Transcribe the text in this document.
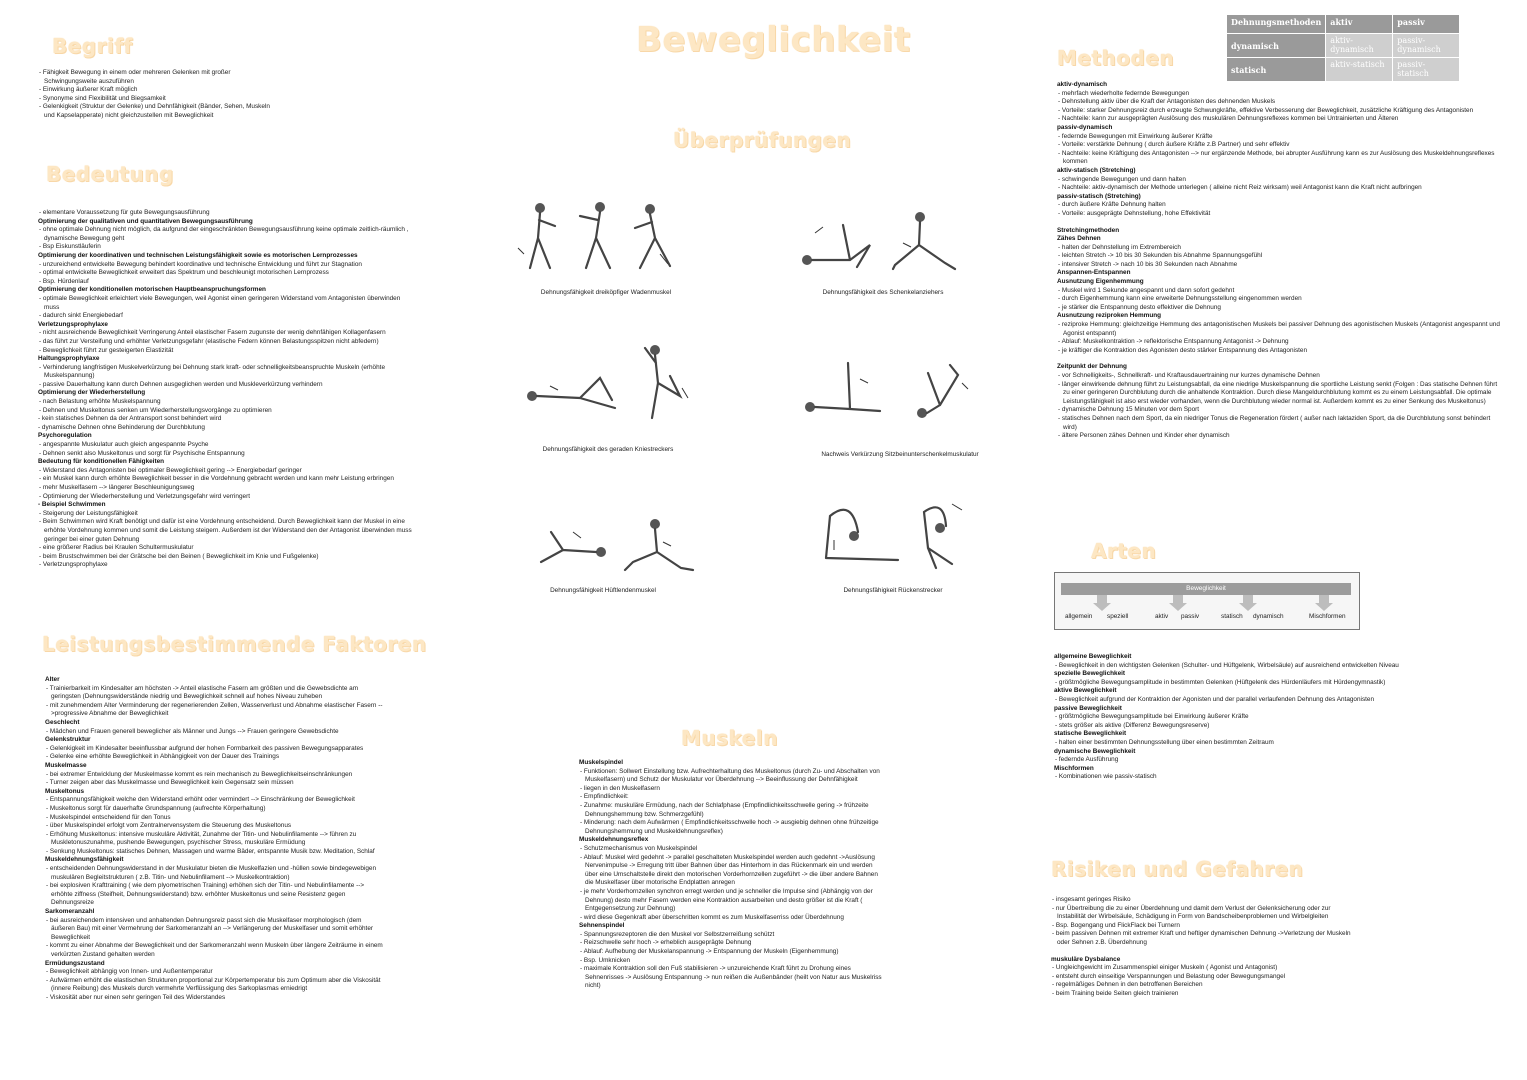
Beweglichkeit
Begriff
- Fähigkeit Bewegung in einem oder mehreren Gelenken mit großer Schwingungsweite auszuführen
- Einwirkung äußerer Kraft möglich
- Synonyme sind Flexibilität und Biegsamkeit
- Gelenkigkeit (Struktur der Gelenke) und Dehnfähigkeit (Bänder, Sehen, Muskeln und Kapselapperate) nicht gleichzustellen mit Beweglichkeit
Bedeutung
- elementare Voraussetzung für gute Bewegungsausführung
Optimierung der qualitativen und quantitativen Bewegungsausführung
- ohne optimale Dehnung nicht möglich, da aufgrund der eingeschränkten Bewegungsausführung keine optimale zeitlich-räumlich , dynamische Bewegung geht
- Bsp Eiskunstläuferin
Optimierung der koordinativen und technischen Leistungsfähigkeit sowie es motorischen Lernprozesses
- unzureichend entwickelte Bewegung behindert koordinative und technische Entwicklung und führt zur Stagnation
- optimal entwickelte Beweglichkeit erweitert das Spektrum und beschleunigt motorischen Lernprozess
- Bsp. Hürdenlauf
Optimierung der konditionellen motorischen Hauptbeanspruchungsformen
- optimale Beweglichkeit erleichtert viele Bewegungen, weil Agonist einen geringeren Widerstand vom Antagonisten überwinden muss
- dadurch sinkt Energiebedarf
Verletzungsprophylaxe
- nicht ausreichende Beweglichkeit Verringerung Anteil elastischer Fasern zugunste der wenig dehnfähigen Kollagenfasern
- das führt zur Versteifung und erhöhter Verletzungsgefahr (elastische Federn können Belastungsspitzen nicht abfedern)
- Beweglichkeit führt zur gesteigerten Elastizität
Haltungsprophylaxe
- Verhinderung langfristigen Muskelverkürzung bei Dehnung stark kraft- oder schnelligkeitsbeanspruchte Muskeln (erhöhte Muskelspannung)
- passive Dauerhaltung kann durch Dehnen ausgeglichen werden und Muskleverkürzung verhindern
Optimierung der Wiederherstellung
- nach Belastung erhöhte Muskelspannung
- Dehnen und Muskeltonus senken um Wiederherstellungsvorgänge zu optimieren
- kein statisches Dehnen da der Antransport sonst behindert wird
- dynamische Dehnen ohne Behinderung der Durchblutung
Psychoregulation
- angespannte Muskulatur auch gleich angespannte Psyche
- Dehnen senkt also Muskeltonus und sorgt für Psychische Entspannung
Bedeutung für konditionellen Fähigkeiten
- Widerstand des Antagonisten bei optimaler Beweglichkeit gering --> Energiebedarf geringer
- ein Muskel kann durch erhöhte Beweglichkeit besser in die Vordehnung gebracht werden und kann mehr Leistung erbringen
- mehr Muskelfasern --> längerer Beschleunigungsweg
- Optimierung der Wiederherstellung und Verletzungsgefahr wird verringert
- Beispiel Schwimmen
- Steigerung der Leistungsfähigkeit
- Beim Schwimmen wird Kraft benötigt und dafür ist eine Vordehnung entscheidend. Durch Beweglichkeit kann der Muskel in eine erhöhte Vordehnung kommen und somit die Leistung steigern. Außerdem ist der Widerstand den der Antagonist überwinden muss geringer bei einer guten Dehnung
- eine größerer Radius bei Kraulen Schultermuskulatur
- beim Brustschwimmen bei der Grätsche bei den Beinen ( Beweglichkeit im Knie und Fußgelenke)
- Verletzungsprophylaxe
Leistungsbestimmende Faktoren
Alter
- Trainierbarkeit im Kindesalter am höchsten -> Anteil elastische Fasern am größten und die Gewebsdichte am geringsten (Dehnungswiderstände niedrig und Beweglichkeit schnell auf hohes Niveau zuheben
- mit zunehmendem Alter Verminderung der regenerierenden Zellen, Wasserverlust und Abnahme elastischer Fasern -->progressive Abnahme der Beweglichkeit
Geschlecht
- Mädchen und Frauen generell beweglicher als Männer und Jungs --> Frauen geringere Gewebsdichte
Gelenkstruktur
- Gelenkigkeit im Kindesalter beeinflussbar aufgrund der hohen Formbarkeit des passiven Bewegungsapparates
- Gelenke eine erhöhte Beweglichkeit in Abhängigkeit von der Dauer des Trainings
Muskelmasse
- bei extremer Entwicklung der Muskelmasse kommt es rein mechanisch zu Beweglichkeitseinschränkungen
- Turner zeigen aber das Muskelmasse und Beweglichkeit kein Gegensatz sein müssen
Muskeltonus
- Entspannungsfähigkeit welche den Widerstand erhöht oder vermindert --> Einschränkung der Beweglichkeit
- Muskeltonus sorgt für dauerhafte Grundspannung (aufrechte Körperhaltung)
- Muskelspindel entscheidend für den Tonus
- über Muskelspindel erfolgt vom Zentralnervensystem die Steuerung des Muskeltonus
- Erhöhung Muskeltonus: intensive muskuläre Aktivität, Zunahme der Titin- und Nebulinfilamente --> führen zu Muskletonuszunahme, pushende Bewegungen, psychischer Stress, muskuläre Ermüdung
- Senkung Muskeltonus: statisches Dehnen, Massagen und warme Bäder, entspannte Musik bzw. Meditation, Schlaf
Muskeldehnungsfähigkeit
- entscheidenden Dehnungswiderstand in der Muskulatur bieten die Muskelfazien und -hüllen sowie bindegewebigen muskulären Begleitstrukturen ( z.B. Titin- und Nebulinfilament --> Muskelkontraktion)
- bei explosiven Krafttraining ( wie dem plyometrischen Training) erhöhen sich der Titin- und Nebulinfilamente --> erhöhte ziffness (Steifheit, Dehnungswiderstand) bzw. erhöhter Muskeltonus und seine Resistenz gegen Dehnungsreize
Sarkomeranzahl
- bei ausreichendem intensiven und anhaltenden Dehnungsreiz passt sich die Muskelfaser morphologisch (dem äußeren Bau) mit einer Vermehrung der Sarkomeranzahl an --> Verlängerung der Muskelfaser und somit erhöhter Beweglichkeit
- kommt zu einer Abnahme der Beweglichkeit und der Sarkomeranzahl wenn Muskeln über längere Zeiträume in einem verkürzten Zustand gehalten werden
Ermüdungszustand
- Beweglichkeit abhängig von Innen- und Außentemperatur
- Aufwärmen erhöht die elastischen Strukturen proportional zur Körpertemperatur bis zum Optimum aber die Viskosität (innere Reibung) des Muskels durch vermehrte Verflüssigung des Sarkoplasmas erniedrigt
- Viskosität aber nur einen sehr geringen Teil des Widerstandes
Überprüfungen
Dehnungsfähigkeit dreiköpfiger Wadenmuskel	Dehnungsfähigkeit des Schenkelanziehers
Dehnungsfähigkeit des geraden Kniestreckers
Nachweis Verkürzung Sitzbeinunterschenkelmuskulatur
Dehnungsfähigkeit Hüftlendenmuskel	Dehnungsfähigkeit Rückenstrecker
Muskeln
Muskelspindel
- Funktionen: Sollwert Einstellung bzw. Aufrechterhaltung des Muskeltonus (durch Zu- und Abschalten von Muskelfasern) und Schutz der Muskulatur vor Überdehnung --> Beeinflussung der Dehnfähigkeit
- liegen in den Muskelfasern
- Empfindlichkeit:
- Zunahme: muskuläre Ermüdung, nach der Schlafphase (Empfindlichkeitsschwelle gering -> frühzeite Dehnungshemmung bzw. Schmerzgefühl)
- Minderung: nach dem Aufwärmen ( Empfindlichkeitsschwelle hoch -> ausgiebig dehnen ohne frühzeitige Dehnungshemmung und Muskeldehnungsreflex)
Muskeldehnungsreflex
- Schutzmechanismus von Muskelspindel
- Ablauf: Muskel wird gedehnt -> parallel geschalteten Muskelspindel werden auch gedehnt ->Auslösung Nervenimpulse -> Erregung tritt über Bahnen über das Hinterhorn in das Rückenmark ein und werden über eine Umschaltstelle direkt den motorischen Vorderhornzellen zugeführt -> die über andere Bahnen die Muskelfaser über motorische Endplatten anregen
- je mehr Vorderhornzellen synchron erregt werden und je schneller die Impulse sind (Abhängig von der Dehnung) desto mehr Fasern werden eine Kontraktion ausarbeiten und desto größer ist die Kraft ( Entgegensetzung zur Dehnung)
- wird diese Gegenkraft aber überschritten kommt es zum Muskelfaserriss oder Überdehnung
Sehnenspindel
- Spannungsrezeptoren die den Muskel vor Selbstzerreißung schützt
- Reizschwelle sehr hoch -> erheblich ausgeprägte Dehnung
- Ablauf: Aufhebung der Muskelanspannung -> Entspannung der Muskeln (Eigenhemmung)
- Bsp. Umknicken
- maximale Kontraktion soll den Fuß stabilisieren -> unzureichende Kraft führt zu Drohung eines Sehnenrisses -> Auslösung Entspannung -> nun reißen die Außenbänder (heilt von Natur aus Muskelriss nicht)
Methoden
Dehnungsmethoden	aktiv	passiv
dynamisch	aktiv-dynamisch	passiv-dynamisch
statisch	aktiv-statisch	passiv-statisch
aktiv-dynamisch
- mehrfach wiederholte federnde Bewegungen
- Dehnstellung aktiv über die Kraft der Antagonisten des dehnenden Muskels
- Vorteile: starker Dehnungsreiz durch erzeugte Schwungkräfte, effektive Verbesserung der Beweglichkeit, zusätzliche Kräftigung des Antagonisten
- Nachteile: kann zur ausgeprägten Auslösung des muskulären Dehnungsreflexes kommen bei Untrainierten und Älteren
passiv-dynamisch
- federnde Bewegungen mit Einwirkung äußerer Kräfte
- Vorteile: verstärkte Dehnung ( durch äußere Kräfte z.B Partner) und sehr effektiv
- Nachteile: keine Kräftigung des Antagonisten --> nur ergänzende Methode, bei abrupter Ausführung kann es zur Auslösung des Muskeldehnungsreflexes kommen
aktiv-statisch (Stretching)
- schwingende Bewegungen und dann halten
- Nachteile: aktiv-dynamisch der Methode unterlegen ( alleine nicht Reiz wirksam) weil Antagonist kann die Kraft nicht aufbringen
passiv-statisch (Stretching)
- durch äußere Kräfte Dehnung halten
- Vorteile: ausgeprägte Dehnstellung, hohe Effektivität
Stretchingmethoden
Zähes Dehnen
- halten der Dehnstellung im Extrembereich
- leichten Stretch -> 10 bis 30 Sekunden bis Abnahme Spannungsgefühl
- intensiver Stretch -> nach 10 bis 30 Sekunden nach Abnahme
Anspannen-Entspannen
Ausnutzung Eigenhemmung
- Muskel wird 1 Sekunde angespannt und dann sofort gedehnt
- durch Eigenhemmung kann eine erweiterte Dehnungsstellung eingenommen werden
- je stärker die Entspannung desto effektiver die Dehnung
Ausnutzung reziproken Hemmung
- reziproke Hemmung: gleichzeitige Hemmung des antagonistischen Muskels bei passiver Dehnung des agonistischen Muskels (Antagonist angespannt und Agonist entspannt)
- Ablauf: Muskelkontraktion -> reflektorische Entspannung Antagonist -> Dehnung
- je kräftiger die Kontraktion des Agonisten desto stärker Entspannung des Antagonisten
Zeitpunkt der Dehnung
- vor Schnelligkeits-, Schnellkraft- und Kraftausdauertraining nur kurzes dynamische Dehnen
- länger einwirkende dehnung führt zu Leistungsabfall, da eine niedrige Muskelspannung die sportliche Leistung senkt (Folgen : Das statische Dehnen führt zu einer geringeren Durchblutung durch die anhaltende Kontraktion. Durch diese Mangeldurchblutung kommt es zu einem Leistungsabfall. Die optimale Leistungsfähigkeit ist also erst wieder vorhanden, wenn die Durchblutung wieder normal ist. Außerdem kommt es zu einer Senkung des Muskeltonus)
- dynamische Dehnung 15 Minuten vor dem Sport
- statisches Dehnen nach dem Sport, da ein niedriger Tonus die Regeneration fördert ( außer nach laktaziden Sport, da die Durchblutung sonst behindert wird)
- ältere Personen zähes Dehnen und Kinder eher dynamisch
Arten
Beweglichkeit
allgemein speziell	aktiv passiv	statisch dynamisch	Mischformen
allgemeine Beweglichkeit
- Beweglichkeit in den wichtigsten Gelenken (Schulter- und Hüftgelenk, Wirbelsäule) auf ausreichend entwickelten Niveau
spezielle Beweglichkeit
- größtmögliche Bewegungsamplitude in bestimmten Gelenken (Hüftgelenk des Hürdenläufers mit Hürdengymnastik)
aktive Beweglichkeit
- Beweglichkeit aufgrund der Kontraktion der Agonisten und der parallel verlaufenden Dehnung des Antagonisten
passive Beweglichkeit
- größtmögliche Bewegungsamplitude bei Einwirkung äußerer Kräfte
- stets größer als aktive (Differenz Bewegungsreserve)
statische Beweglichkeit
- halten einer bestimmten Dehnungsstellung über einen bestimmten Zeitraum
dynamische Beweglichkeit
- federnde Ausführung
Mischformen
- Kombinationen wie passiv-statisch
Risiken und Gefahren
- insgesamt geringes Risiko
- nur Übertreibung die zu einer Überdehnung und damit dem Verlust der Gelenksicherung oder zur Instabilität der Wirbelsäule, Schädigung in Form von Bandscheibenproblemen und Wirbelgleiten
- Bsp. Bogengang und FlickFlack bei Turnern
- beim passiven Dehnen mit extremer Kraft und heftiger dynamischen Dehnung ->Verletzung der Muskeln oder Sehnen z.B. Überdehnung
muskuläre Dysbalance
- Ungleichgewicht im Zusammenspiel einiger Muskeln ( Agonist und Antagonist)
- entsteht durch einseitige Verspannungen und Belastung oder Bewegungsmangel
- regelmäßiges Dehnen in den betroffenen Bereichen
- beim Training beide Seiten gleich trainieren
